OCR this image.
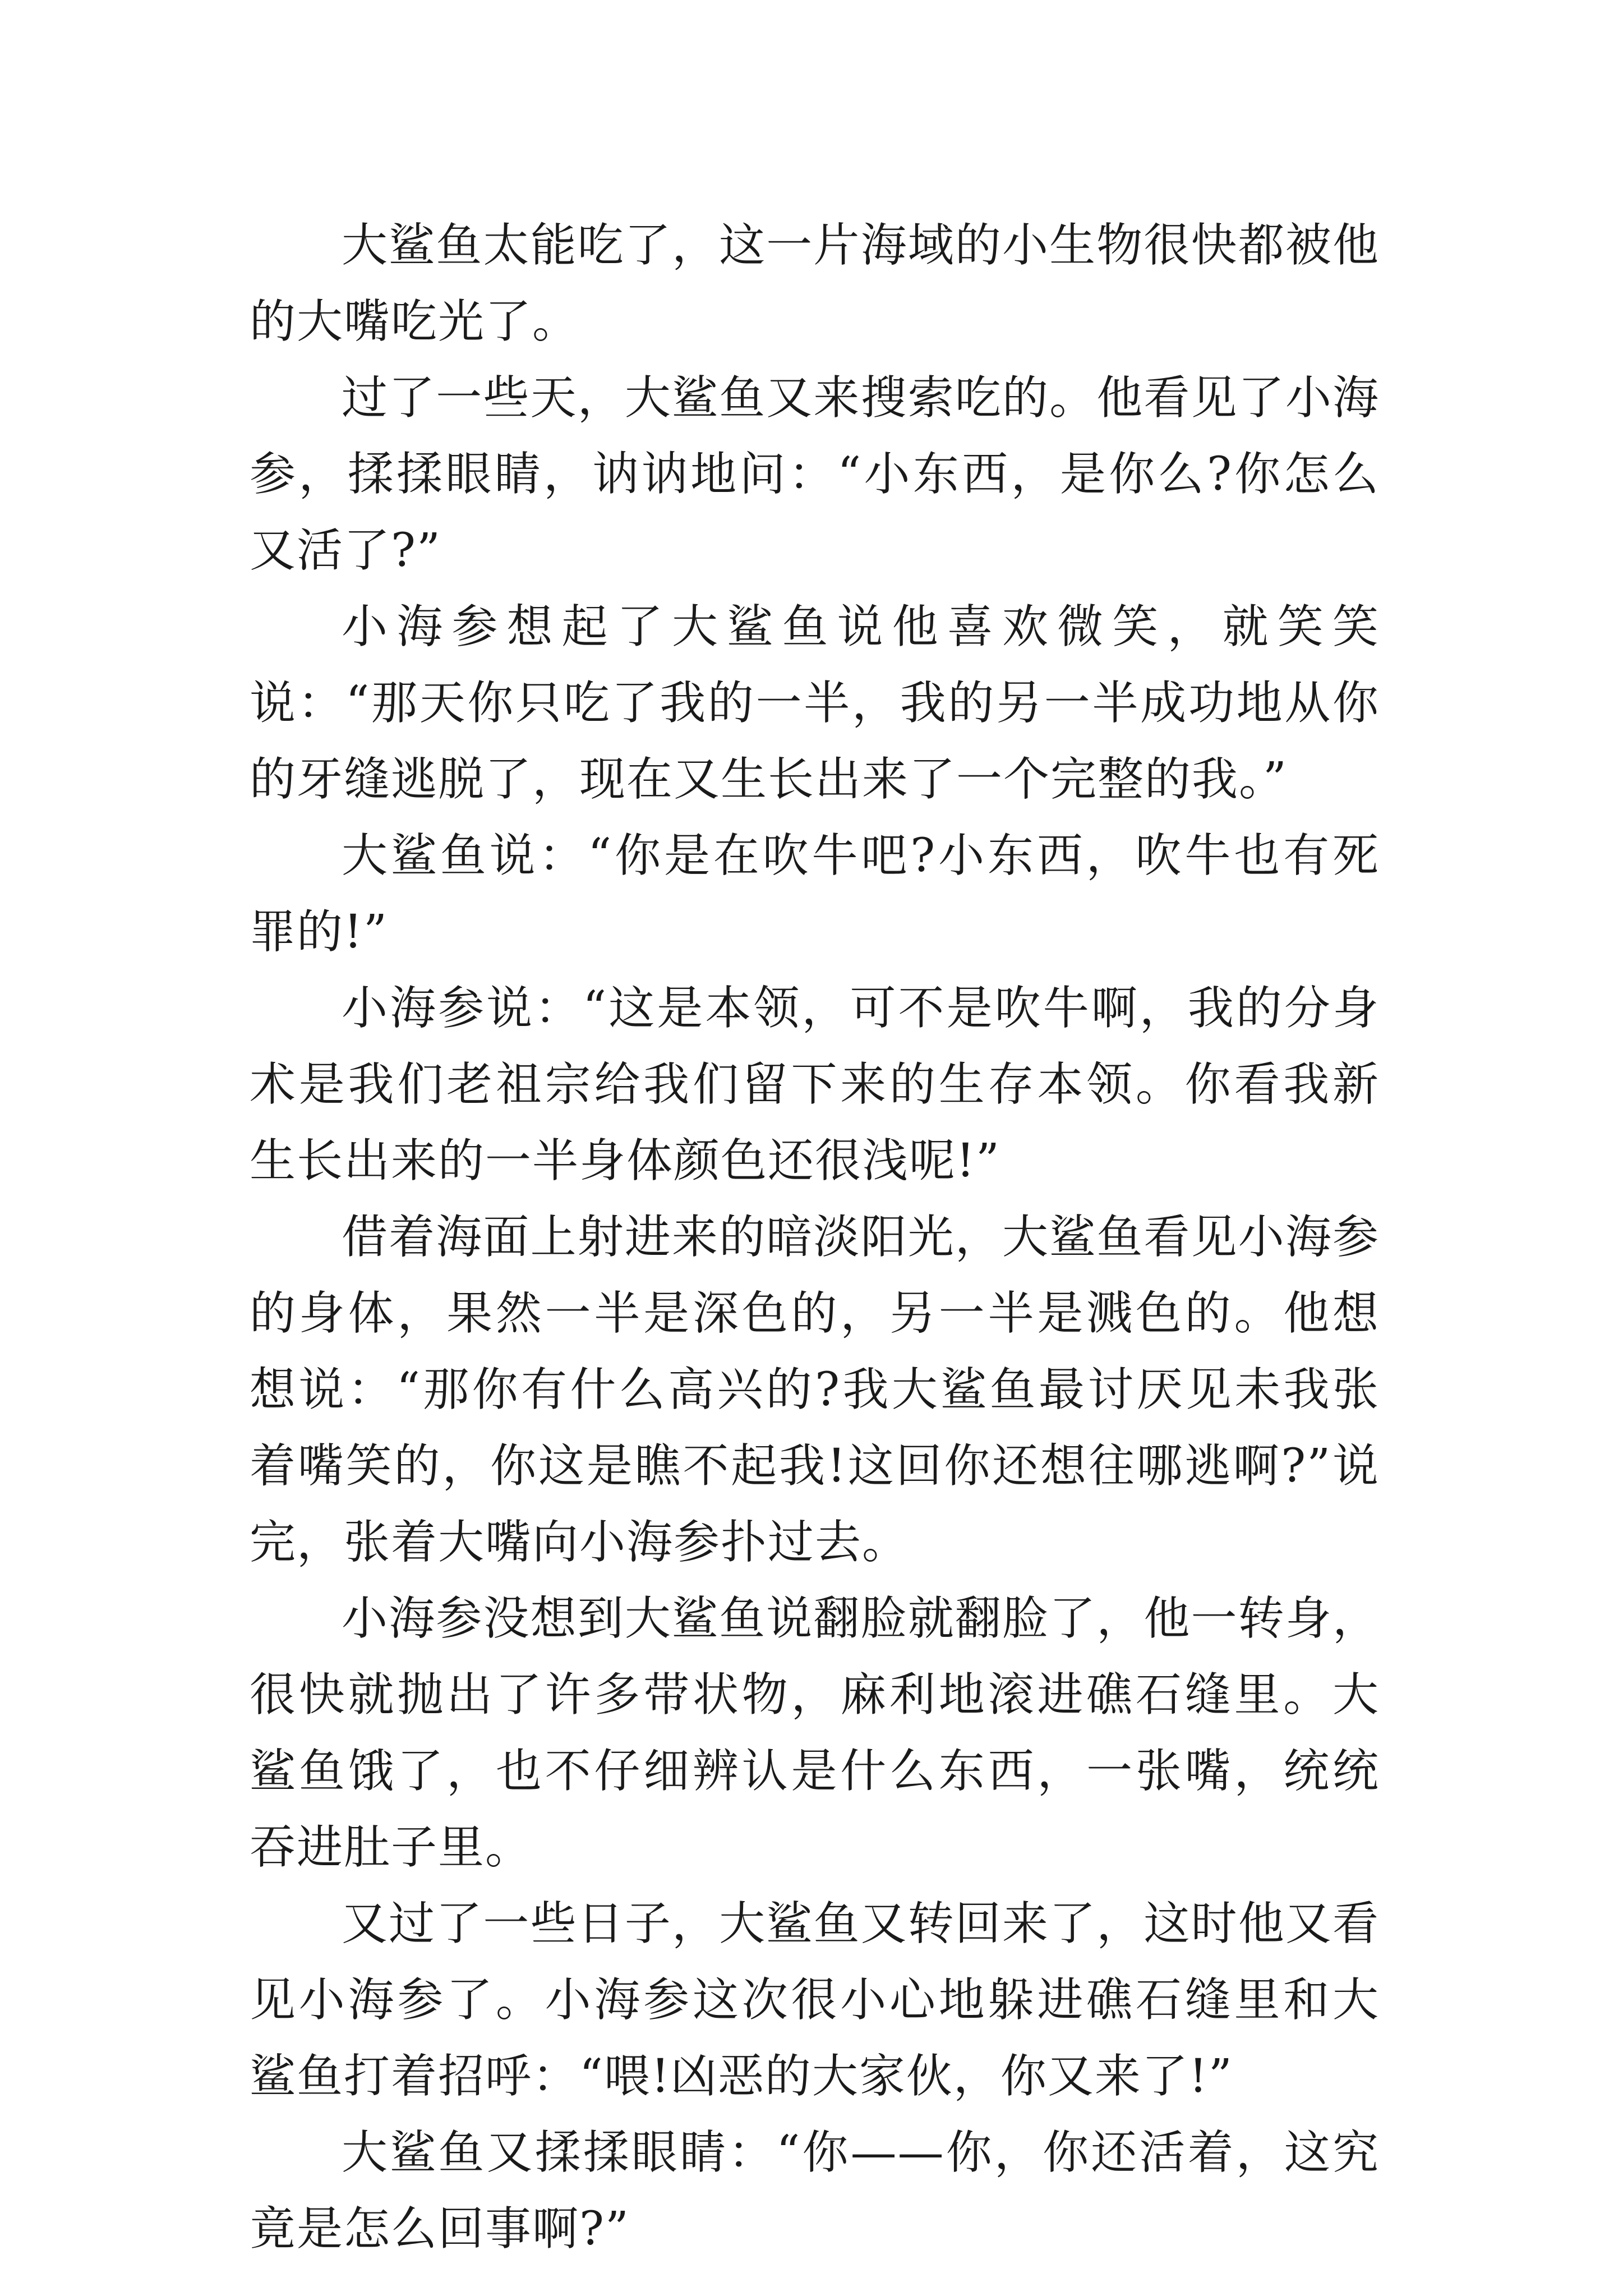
大鲨鱼太能吃了，这一片海域的小生物很快都被他的大嘴吃光了。

过了一些天，大鲨鱼又来搜索吃的。他看见了小海参，揉揉眼睛，讷讷地问：“小东西，是你么?你怎么又活了?”

小海参想起了大鲨鱼说他喜欢微笑，就笑笑说：“那天你只吃了我的一半，我的另一半成功地从你的牙缝逃脱了，现在又生长出来了一个完整的我。”

大鲨鱼说：“你是在吹牛吧?小东西，吹牛也有死罪的!”

小海参说：“这是本领，可不是吹牛啊，我的分身术是我们老祖宗给我们留下来的生存本领。你看我新生长出来的一半身体颜色还很浅呢!”

借着海面上射进来的暗淡阳光，大鲨鱼看见小海参的身体，果然一半是深色的，另一半是溅色的。他想想说：“那你有什么高兴的?我大鲨鱼最讨厌见未我张着嘴笑的，你这是瞧不起我!这回你还想往哪逃啊?”说完，张着大嘴向小海参扑过去。

小海参没想到大鲨鱼说翻脸就翻脸了，他一转身，很快就抛出了许多带状物，麻利地滚进礁石缝里。大鲨鱼饿了，也不仔细辨认是什么东西，一张嘴，统统吞进肚子里。

又过了一些日子，大鲨鱼又转回来了，这时他又看见小海参了。小海参这次很小心地躲进礁石缝里和大鲨鱼打着招呼：“喂!凶恶的大家伙，你又来了!”

大鲨鱼又揉揉眼睛：“你——你，你还活着，这究竟是怎么回事啊?”
